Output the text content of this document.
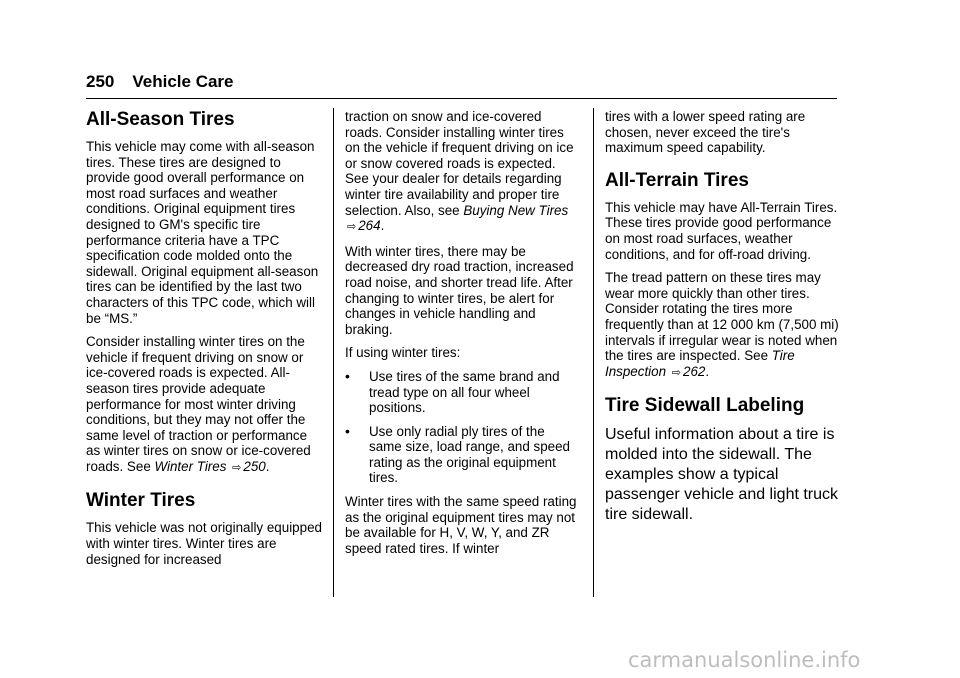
250 Vehicle Care
All-Season Tires

This vehicle may come with all-season tires. These tires are designed to provide good overall performance on most road surfaces and weather conditions. Original equipment tires designed to GM's specific tire performance criteria have a TPC specification code molded onto the sidewall. Original equipment all-season tires can be identified by the last two characters of this TPC code, which will be “MS.”

Consider installing winter tires on the vehicle if frequent driving on snow or ice-covered roads is expected. All-season tires provide adequate performance for most winter driving conditions, but they may not offer the same level of traction or performance as winter tires on snow or ice-covered roads. See Winter Tires ⇨ 250.

Winter Tires

This vehicle was not originally equipped with winter tires. Winter tires are designed for increased

traction on snow and ice-covered roads. Consider installing winter tires on the vehicle if frequent driving on ice or snow covered roads is expected. See your dealer for details regarding winter tire availability and proper tire selection. Also, see Buying New Tires ⇨ 264.

With winter tires, there may be decreased dry road traction, increased road noise, and shorter tread life. After changing to winter tires, be alert for changes in vehicle handling and braking.

If using winter tires:

•	Use tires of the same brand and tread type on all four wheel positions.
•	Use only radial ply tires of the same size, load range, and speed rating as the original equipment tires.

Winter tires with the same speed rating as the original equipment tires may not be available for H, V, W, Y, and ZR speed rated tires. If winter

tires with a lower speed rating are chosen, never exceed the tire's maximum speed capability.

All-Terrain Tires

This vehicle may have All-Terrain Tires. These tires provide good performance on most road surfaces, weather conditions, and for off-road driving.

The tread pattern on these tires may wear more quickly than other tires. Consider rotating the tires more frequently than at 12 000 km (7,500 mi) intervals if irregular wear is noted when the tires are inspected. See Tire Inspection ⇨ 262.

Tire Sidewall Labeling

Useful information about a tire is molded into the sidewall. The examples show a typical passenger vehicle and light truck tire sidewall.

carmanualsonline.info
